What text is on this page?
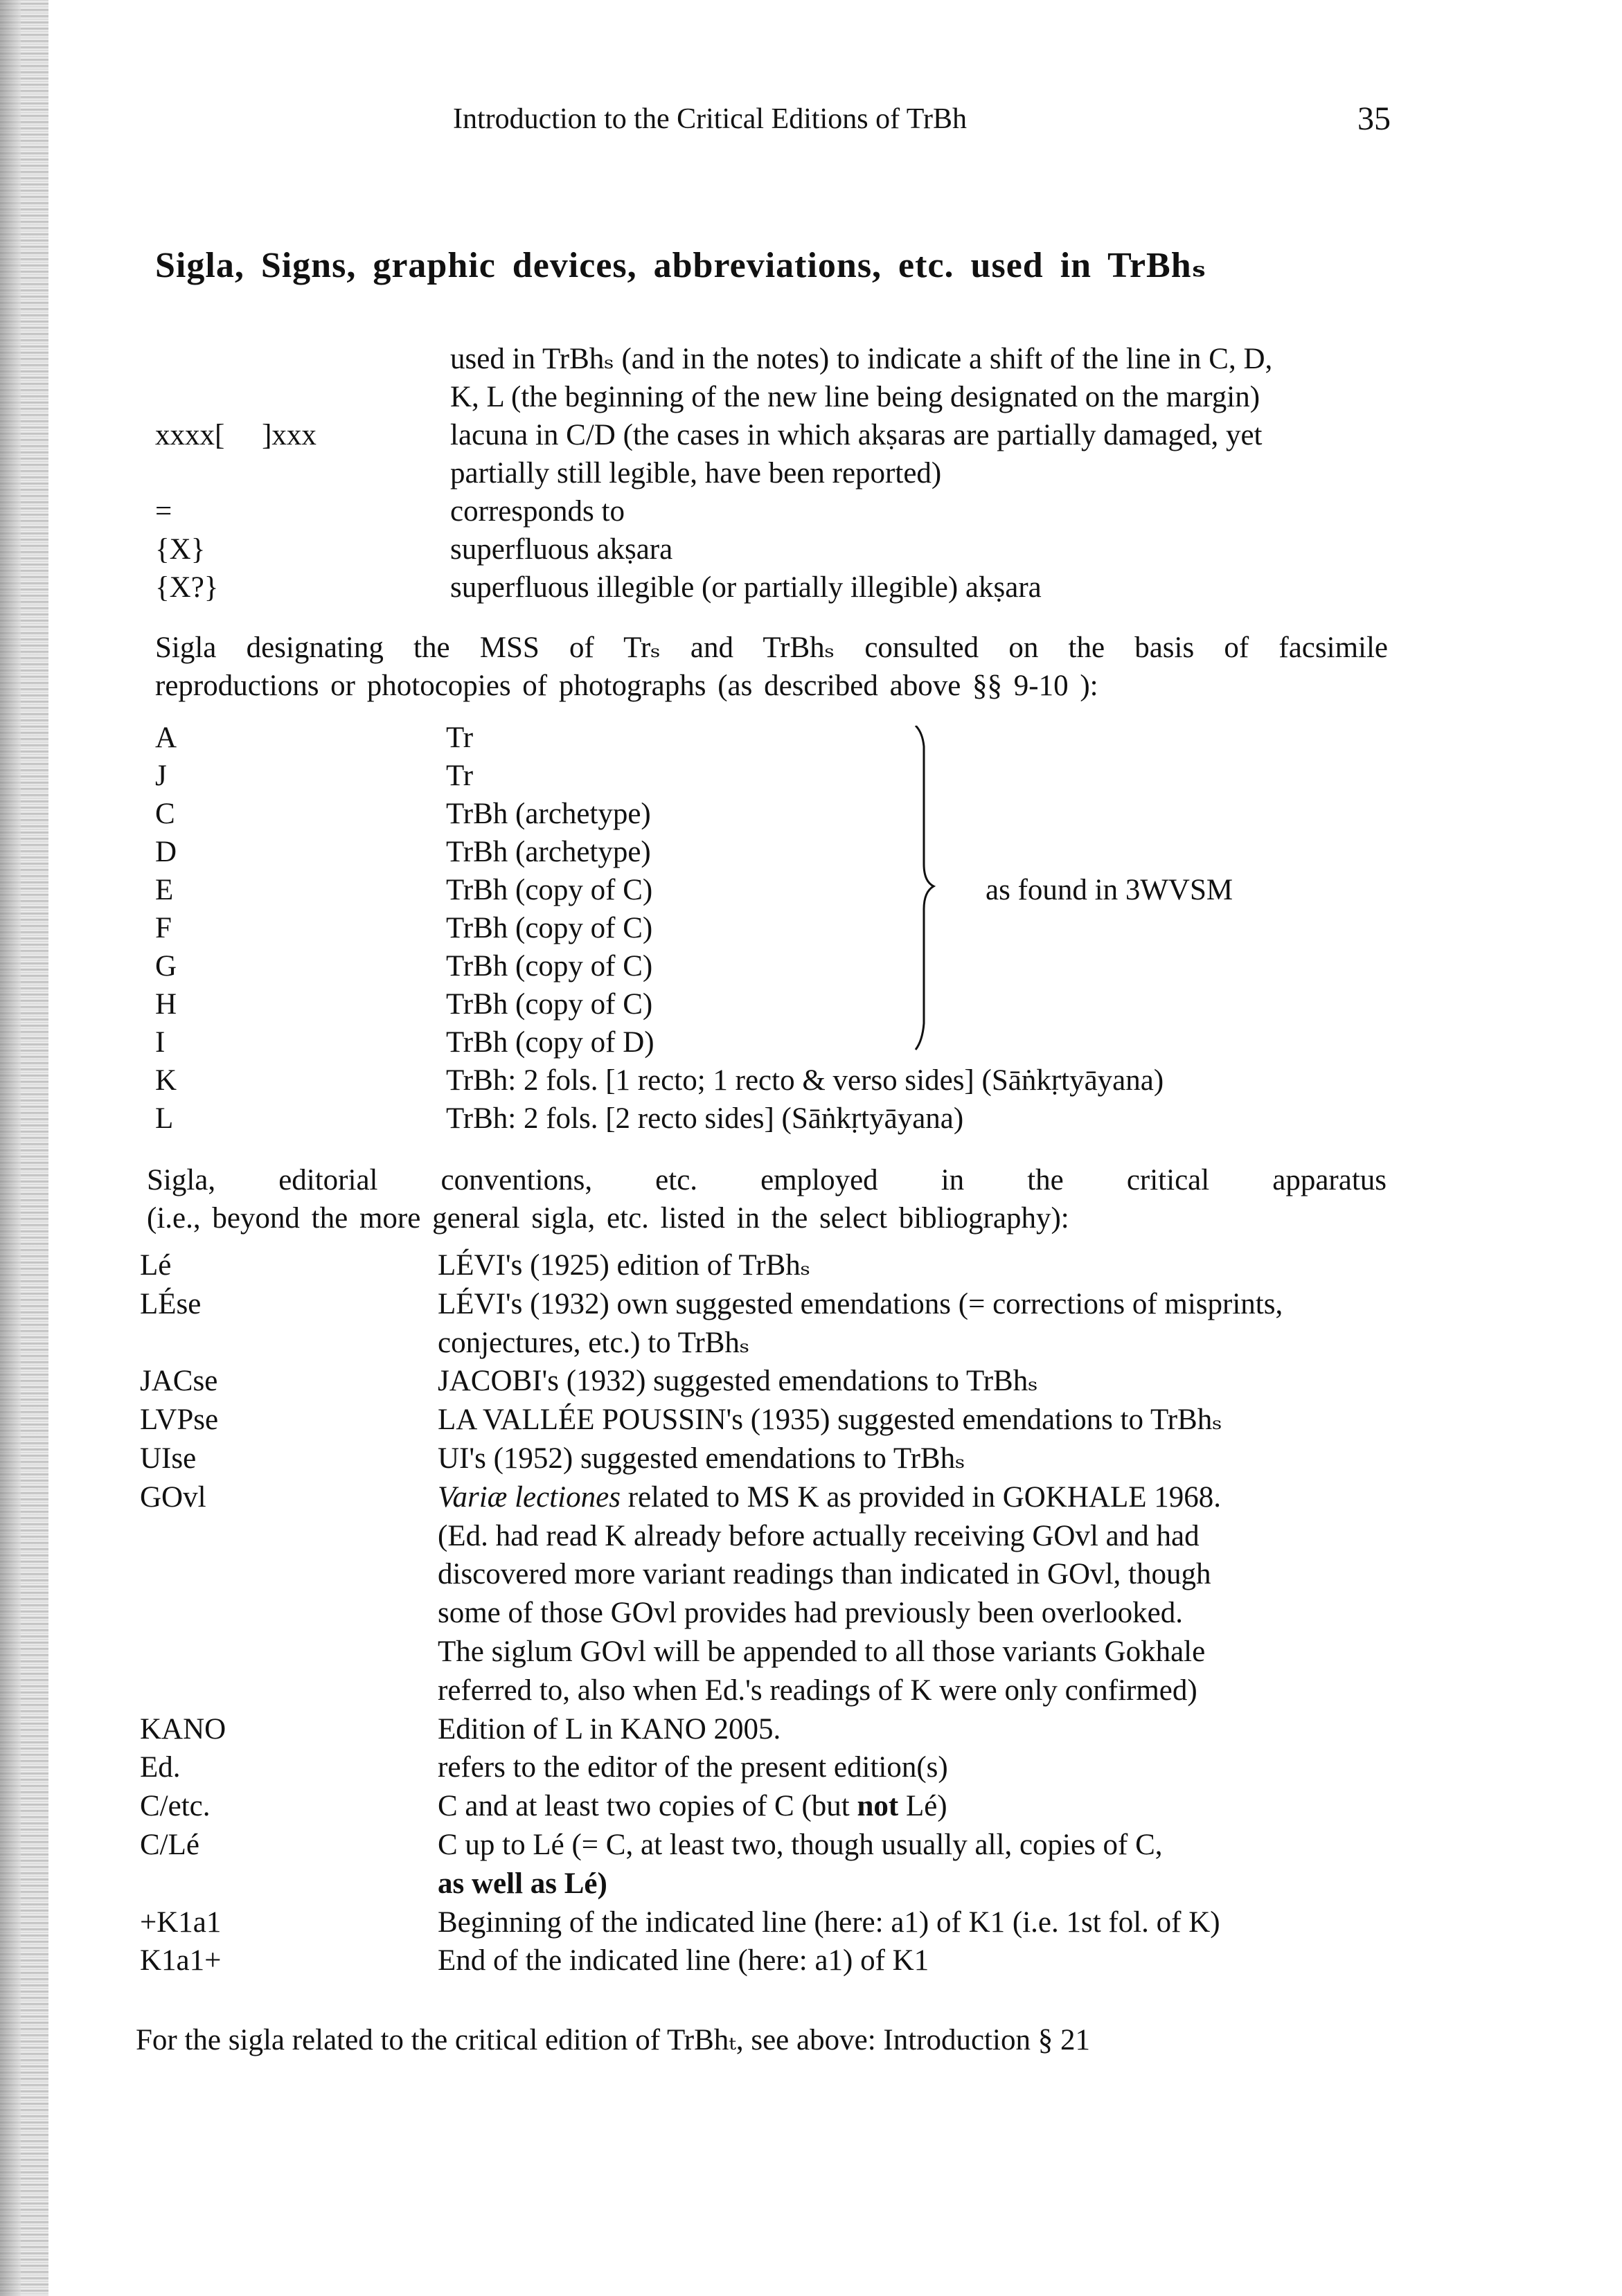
Introduction to the Critical Editions of TrBh	35
Sigla, Signs, graphic devices, abbreviations, etc. used in TrBhₛ
used in TrBhₛ (and in the notes) to indicate a shift of the line in C, D,
K, L (the beginning of the new line being designated on the margin)
xxxx[     ]xxx	lacuna in C/D (the cases in which akṣaras are partially damaged, yet
partially still legible, have been reported)
=	corresponds to
{X}	superfluous akṣara
{X?}	superfluous illegible (or partially illegible) akṣara
Sigla designating the MSS of Trₛ and TrBhₛ consulted on the basis of facsimile
reproductions or photocopies of photographs (as described above §§ 9-10 ):
A	Tr
J	Tr
C	TrBh (archetype)
D	TrBh (archetype)
E	TrBh (copy of C)
F	TrBh (copy of C)
G	TrBh (copy of C)
H	TrBh (copy of C)
I	TrBh (copy of D)
K	TrBh: 2 fols. [1 recto; 1 recto & verso sides] (Sāṅkṛtyāyana)
L	TrBh: 2 fols. [2 recto sides] (Sāṅkṛtyāyana)
as found in 3WVSM
Sigla, editorial conventions, etc. employed in the critical apparatus
(i.e., beyond the more general sigla, etc. listed in the select bibliography):
Lé	LÉVI's (1925) edition of TrBhₛ
LÉse	LÉVI's (1932) own suggested emendations (= corrections of misprints,
conjectures, etc.) to TrBhₛ
JACse	JACOBI's (1932) suggested emendations to TrBhₛ
LVPse	LA VALLÉE POUSSIN's (1935) suggested emendations to TrBhₛ
UIse	UI's (1952) suggested emendations to TrBhₛ
GOvl	Variæ lectiones related to MS K as provided in GOKHALE 1968.
(Ed. had read K already before actually receiving GOvl and had
discovered more variant readings than indicated in GOvl, though
some of those GOvl provides had previously been overlooked.
The siglum GOvl will be appended to all those variants Gokhale
referred to, also when Ed.'s readings of K were only confirmed)
KANO	Edition of L in KANO 2005.
Ed.	refers to the editor of the present edition(s)
C/etc.	C and at least two copies of C (but not Lé)
C/Lé	C up to Lé (= C, at least two, though usually all, copies of C,
as well as Lé)
+K1a1	Beginning of the indicated line (here: a1) of K1 (i.e. 1st fol. of K)
K1a1+	End of the indicated line (here: a1) of K1
For the sigla related to the critical edition of TrBhₜ, see above: Introduction § 21
